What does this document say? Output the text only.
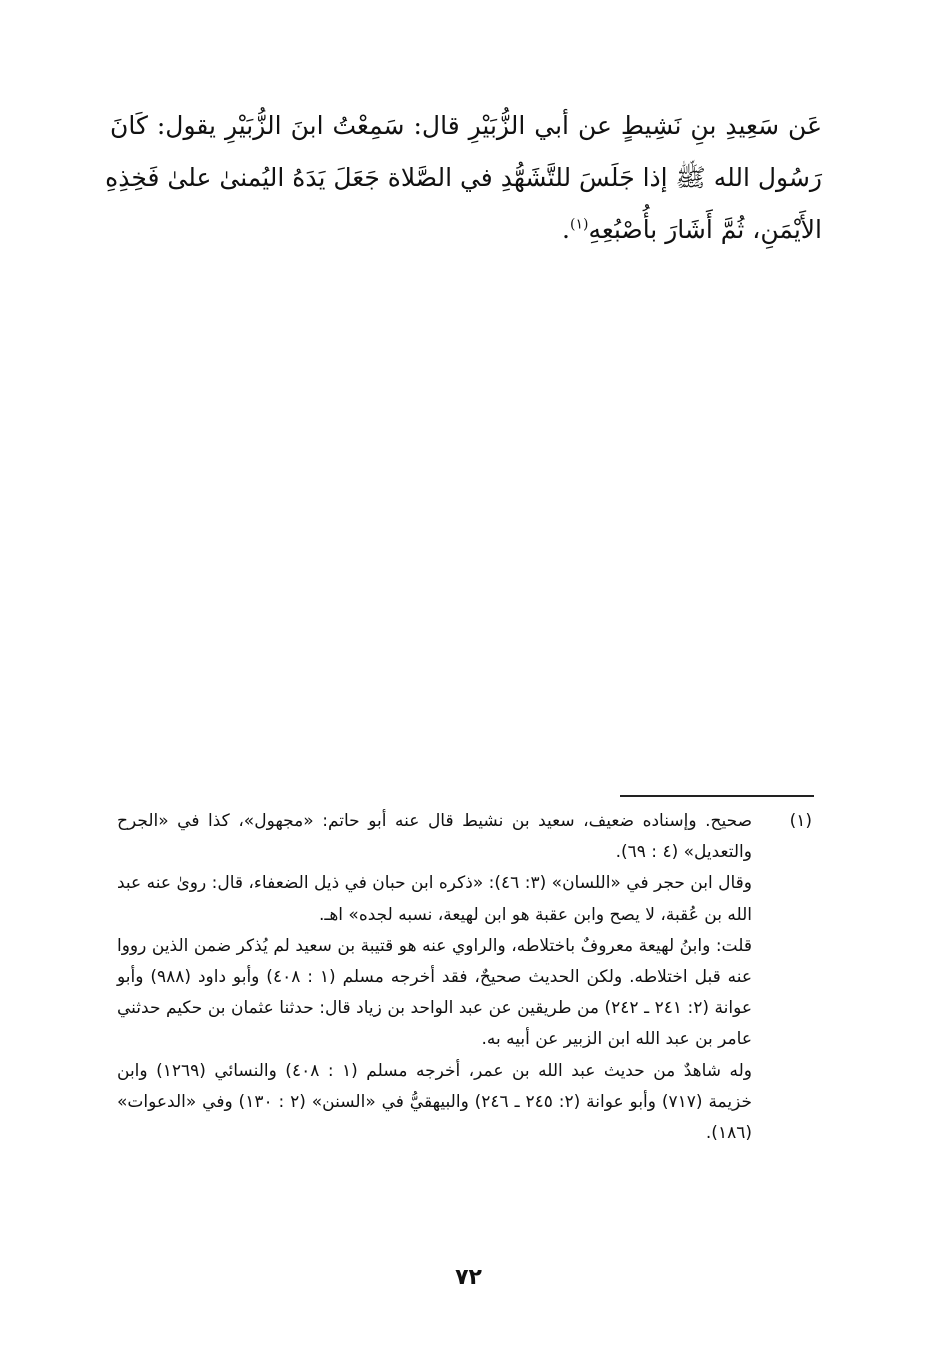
عَن سَعِيدِ بنِ نَشِيطٍ عن أبي الزُّبَيْرِ قال: سَمِعْتُ ابنَ الزُّبَيْرِ يقول: كَانَ
رَسُول الله ﷺ إذا جَلَسَ للتَّشَهُّدِ في الصَّلاة جَعَلَ يَدَهُ اليُمنىٰ علىٰ فَخِذِهِ
الأَيْمَنِ، ثُمَّ أَشَارَ بأُصْبُعِهِ$^{(١)}$.
(١)
صحيح. وإسناده ضعيف، سعيد بن نشيط قال عنه أبو حاتم: «مجهول»، كذا في «الجرح والتعديل» (٤ : ٦٩).
وقال ابن حجر في «اللسان» (٣: ٤٦): «ذكره ابن حبان في ذيل الضعفاء، قال: روىٰ عنه عبد الله بن عُقبة، لا يصح وابن عقبة هو ابن لهيعة، نسبه لجده» اهـ.
قلت: وابنُ لهيعة معروفٌ باختلاطه، والراوي عنه هو قتيبة بن سعيد لم يُذكر ضمن الذين رووا عنه قبل اختلاطه. ولكن الحديث صحيحٌ، فقد أخرجه مسلم (١ : ٤٠٨) وأبو داود (٩٨٨) وأبو عوانة (٢: ٢٤١ ـ ٢٤٢) من طريقين عن عبد الواحد بن زياد قال: حدثنا عثمان بن حكيم حدثني عامر بن عبد الله ابن الزبير عن أبيه به.
وله شاهدٌ من حديث عبد الله بن عمر، أخرجه مسلم (١ : ٤٠٨) والنسائي (١٢٦٩) وابن خزيمة (٧١٧) وأبو عوانة (٢: ٢٤٥ ـ ٢٤٦) والبيهقيُّ في «السنن» (٢ : ١٣٠) وفي «الدعوات» (١٨٦).
٧٢
